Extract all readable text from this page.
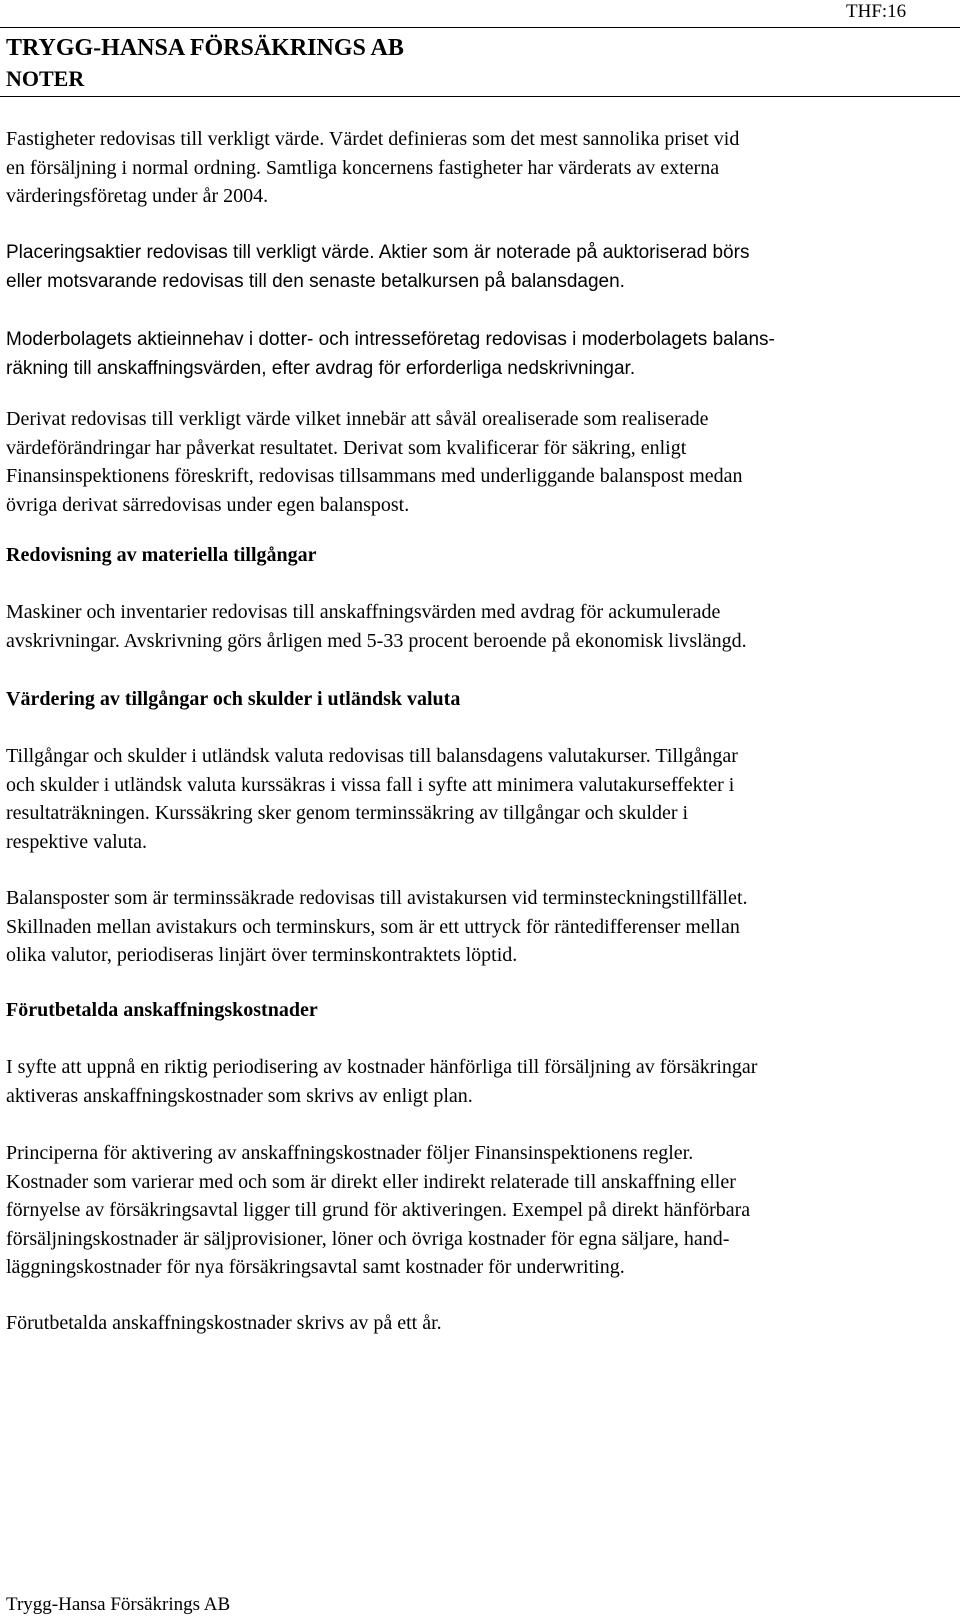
THF:16
TRYGG-HANSA FÖRSÄKRINGS AB
NOTER
Fastigheter redovisas till verkligt värde. Värdet definieras som det mest sannolika priset vid
en försäljning i normal ordning. Samtliga koncernens fastigheter har värderats av externa
värderingsföretag under år 2004.
Placeringsaktier redovisas till verkligt värde. Aktier som är noterade på auktoriserad börs
eller motsvarande redovisas till den senaste betalkursen på balansdagen.
Moderbolagets aktieinnehav i dotter- och intresseföretag redovisas i moderbolagets balans-
räkning till anskaffningsvärden, efter avdrag för erforderliga nedskrivningar.
Derivat redovisas till verkligt värde vilket innebär att såväl orealiserade som realiserade
värdeförändringar har påverkat resultatet. Derivat som kvalificerar för säkring, enligt
Finansinspektionens föreskrift, redovisas tillsammans med underliggande balanspost medan
övriga derivat särredovisas under egen balanspost.
Redovisning av materiella tillgångar
Maskiner och inventarier redovisas till anskaffningsvärden med avdrag för ackumulerade
avskrivningar. Avskrivning görs årligen med 5-33 procent beroende på ekonomisk livslängd.
Värdering av tillgångar och skulder i utländsk valuta
Tillgångar och skulder i utländsk valuta redovisas till balansdagens valutakurser. Tillgångar
och skulder i utländsk valuta kurssäkras i vissa fall i syfte att minimera valutakurseffekter i
resultaträkningen. Kurssäkring sker genom terminssäkring av tillgångar och skulder i
respektive valuta.
Balansposter som är terminssäkrade redovisas till avistakursen vid terminsteckningstillfället.
Skillnaden mellan avistakurs och terminskurs, som är ett uttryck för räntedifferenser mellan
olika valutor, periodiseras linjärt över terminskontraktets löptid.
Förutbetalda anskaffningskostnader
I syfte att uppnå en riktig periodisering av kostnader hänförliga till försäljning av försäkringar
aktiveras anskaffningskostnader som skrivs av enligt plan.
Principerna för aktivering av anskaffningskostnader följer Finansinspektionens regler.
Kostnader som varierar med och som är direkt eller indirekt relaterade till anskaffning eller
förnyelse av försäkringsavtal ligger till grund för aktiveringen. Exempel på direkt hänförbara
försäljningskostnader är säljprovisioner, löner och övriga kostnader för egna säljare, hand-
läggningskostnader för nya försäkringsavtal samt kostnader för underwriting.
Förutbetalda anskaffningskostnader skrivs av på ett år.
Trygg-Hansa Försäkrings AB
